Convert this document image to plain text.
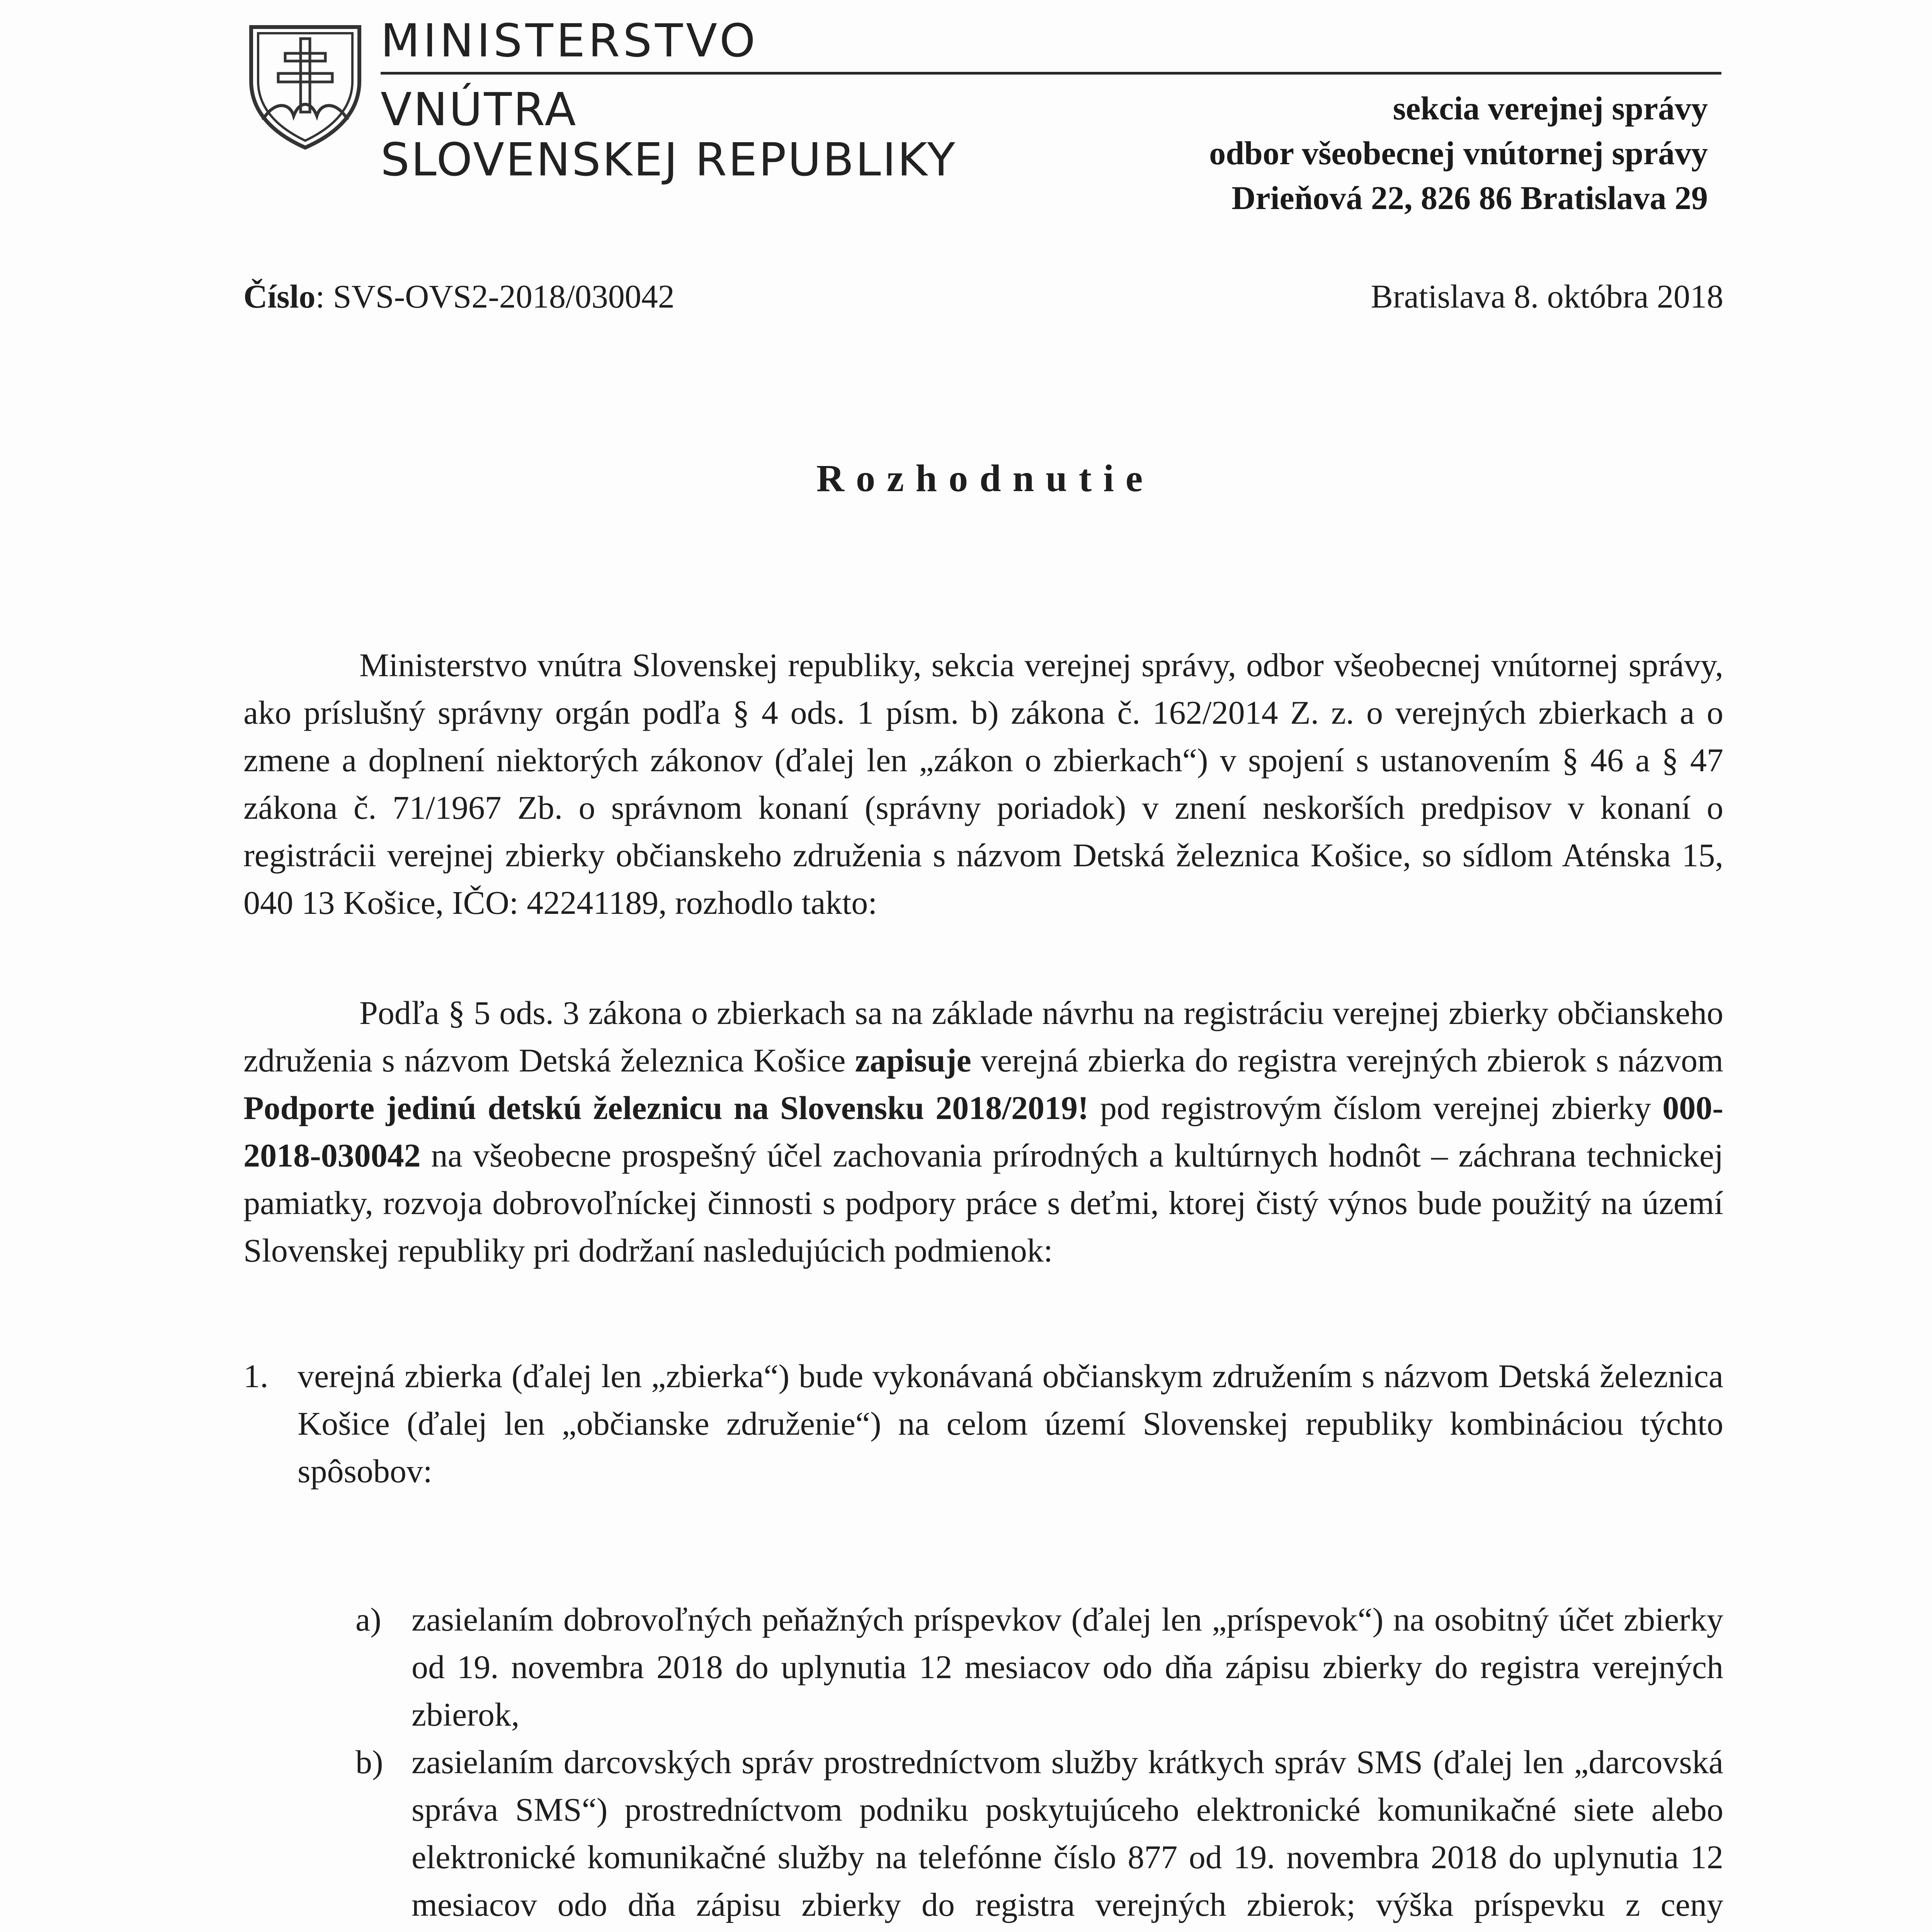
MINISTERSTVO
VNÚTRA
SLOVENSKEJ REPUBLIKY
sekcia verejnej správy
odbor všeobecnej vnútornej správy
Drieňová 22, 826 86 Bratislava 29
Číslo: SVS-OVS2-2018/030042	Bratislava 8. októbra 2018
Rozhodnutie
Ministerstvo vnútra Slovenskej republiky, sekcia verejnej správy, odbor všeobecnej vnútornej správy, ako príslušný správny orgán podľa § 4 ods. 1 písm. b) zákona č. 162/2014 Z. z. o verejných zbierkach a o zmene a doplnení niektorých zákonov (ďalej len „zákon o zbierkach“) v spojení s ustanovením § 46 a § 47 zákona č. 71/1967 Zb. o správnom konaní (správny poriadok) v znení neskorších predpisov v konaní o registrácii verejnej zbierky občianskeho združenia s názvom Detská železnica Košice, so sídlom Aténska 15, 040 13 Košice, IČO: 42241189, rozhodlo takto:
Podľa § 5 ods. 3 zákona o zbierkach sa na základe návrhu na registráciu verejnej zbierky občianskeho združenia s názvom Detská železnica Košice zapisuje verejná zbierka do registra verejných zbierok s názvom Podporte jedinú detskú železnicu na Slovensku 2018/2019! pod registrovým číslom verejnej zbierky 000-2018-030042 na všeobecne prospešný účel zachovania prírodných a kultúrnych hodnôt – záchrana technickej pamiatky, rozvoja dobrovoľníckej činnosti s podpory práce s deťmi, ktorej čistý výnos bude použitý na území Slovenskej republiky pri dodržaní nasledujúcich podmienok:
1. verejná zbierka (ďalej len „zbierka“) bude vykonávaná občianskym združením s názvom Detská železnica Košice (ďalej len „občianske združenie“) na celom území Slovenskej republiky kombináciou týchto spôsobov:
a) zasielaním dobrovoľných peňažných príspevkov (ďalej len „príspevok“) na osobitný účet zbierky od 19. novembra 2018 do uplynutia 12 mesiacov odo dňa zápisu zbierky do registra verejných zbierok,
b) zasielaním darcovských správ prostredníctvom služby krátkych správ SMS (ďalej len „darcovská správa SMS“) prostredníctvom podniku poskytujúceho elektronické komunikačné siete alebo elektronické komunikačné služby na telefónne číslo 877 od 19. novembra 2018 do uplynutia 12 mesiacov odo dňa zápisu zbierky do registra verejných zbierok; výška príspevku z ceny
